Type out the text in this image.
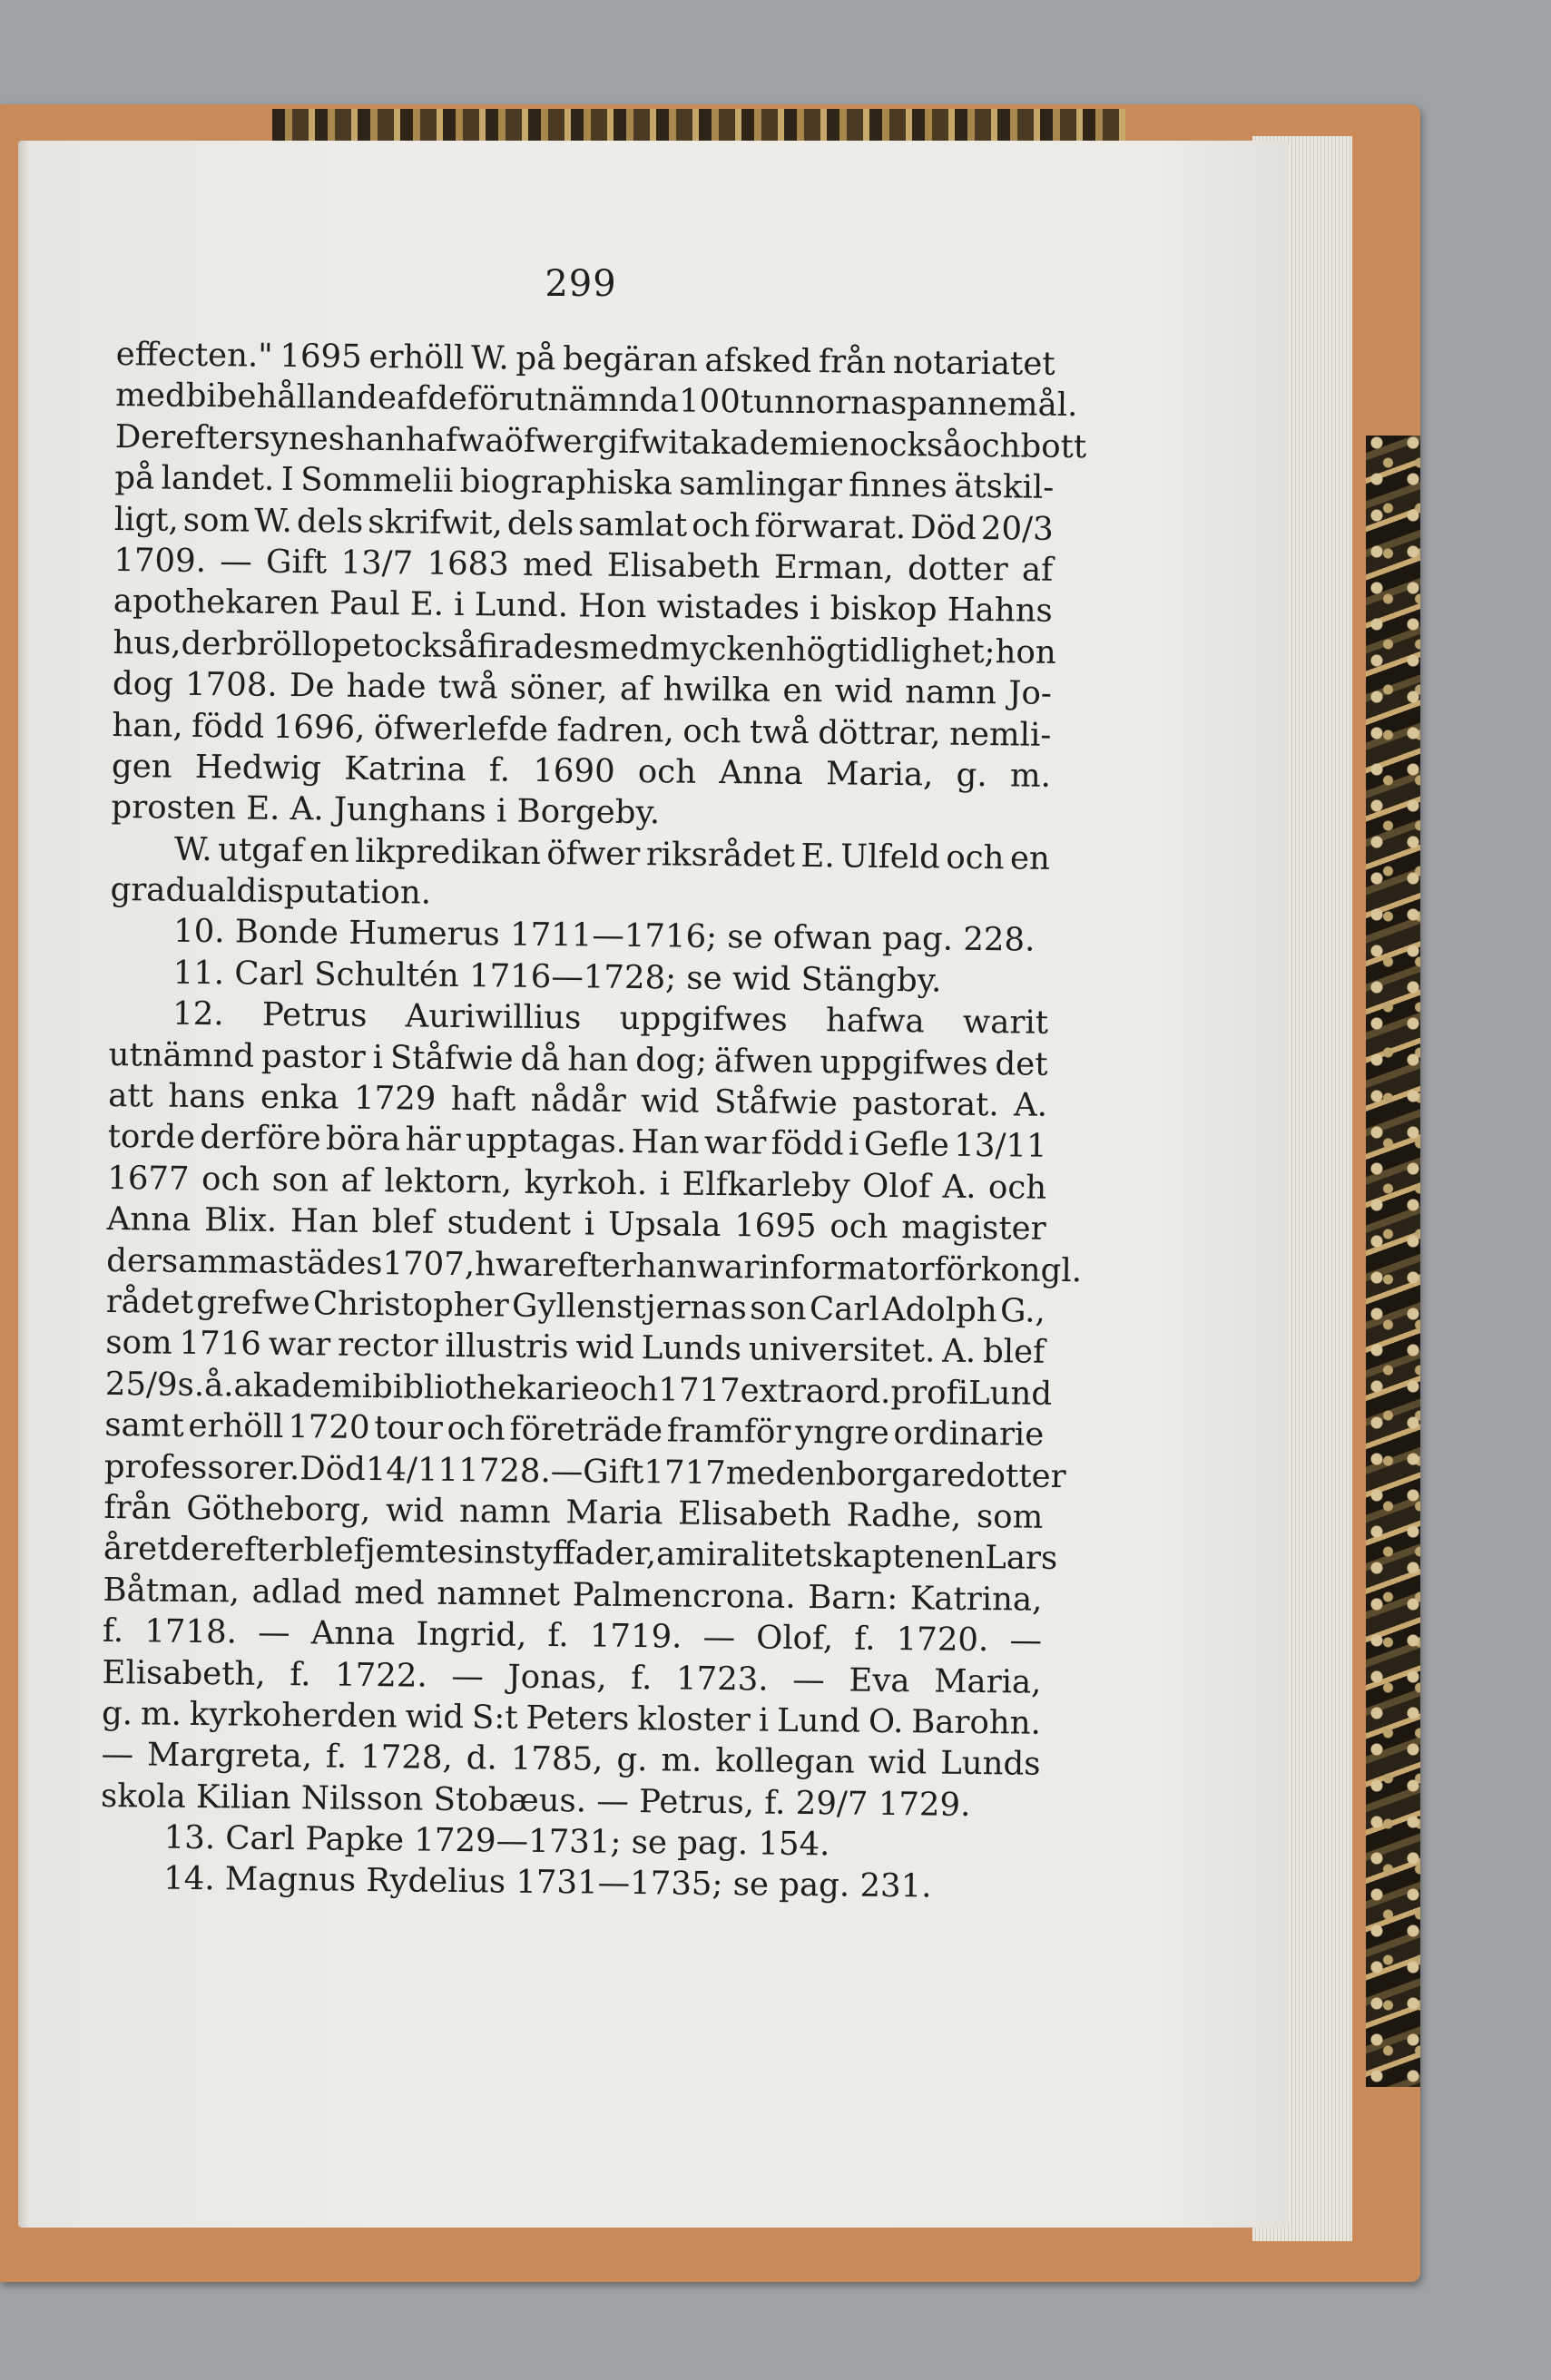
299
effecten." 1695 erhöll W. på begäran afsked från notariatet
med bibehållande af de förutnämnda 100 tunnorna spannemål.
Derefter synes han hafwa öfwergifwit akademien också och bott
på landet. I Sommelii biographiska samlingar finnes ätskil-
ligt, som W. dels skrifwit, dels samlat och förwarat. Död 20/3
1709. — Gift 13/7 1683 med Elisabeth Erman, dotter af
apothekaren Paul E. i Lund. Hon wistades i biskop Hahns
hus, der bröllopet också firades med mycken högtidlighet; hon
dog 1708. De hade twå söner, af hwilka en wid namn Jo-
han, född 1696, öfwerlefde fadren, och twå döttrar, nemli-
gen Hedwig Katrina f. 1690 och Anna Maria, g. m.
prosten E. A. Junghans i Borgeby.
W. utgaf en likpredikan öfwer riksrådet E. Ulfeld och en
gradualdisputation.
10. Bonde Humerus 1711—1716; se ofwan pag. 228.
11. Carl Schultén 1716—1728; se wid Stängby.
12. Petrus Auriwillius uppgifwes hafwa warit
utnämnd pastor i Ståfwie då han dog; äfwen uppgifwes det
att hans enka 1729 haft nådår wid Ståfwie pastorat. A.
torde derföre böra här upptagas. Han war född i Gefle 13/11
1677 och son af lektorn, kyrkoh. i Elfkarleby Olof A. och
Anna Blix. Han blef student i Upsala 1695 och magister
dersammastädes 1707, hwarefter han war informator för kongl.
rådet grefwe Christopher Gyllenstjernas son Carl Adolph G.,
som 1716 war rector illustris wid Lunds universitet. A. blef
25/9 s. å. akademibibliothekarie och 1717 extraord. prof i Lund
samt erhöll 1720 tour och företräde framför yngre ordinarie
professorer. Död 14/11 1728. — Gift 1717 med en borgaredotter
från Götheborg, wid namn Maria Elisabeth Radhe, som
året derefter blef jemte sin styffader, amiralitetskaptenen Lars
Båtman, adlad med namnet Palmencrona. Barn: Katrina,
f. 1718. — Anna Ingrid, f. 1719. — Olof, f. 1720. —
Elisabeth, f. 1722. — Jonas, f. 1723. — Eva Maria,
g. m. kyrkoherden wid S:t Peters kloster i Lund O. Barohn.
— Margreta, f. 1728, d. 1785, g. m. kollegan wid Lunds
skola Kilian Nilsson Stobæus. — Petrus, f. 29/7 1729.
13. Carl Papke 1729—1731; se pag. 154.
14. Magnus Rydelius 1731—1735; se pag. 231.
